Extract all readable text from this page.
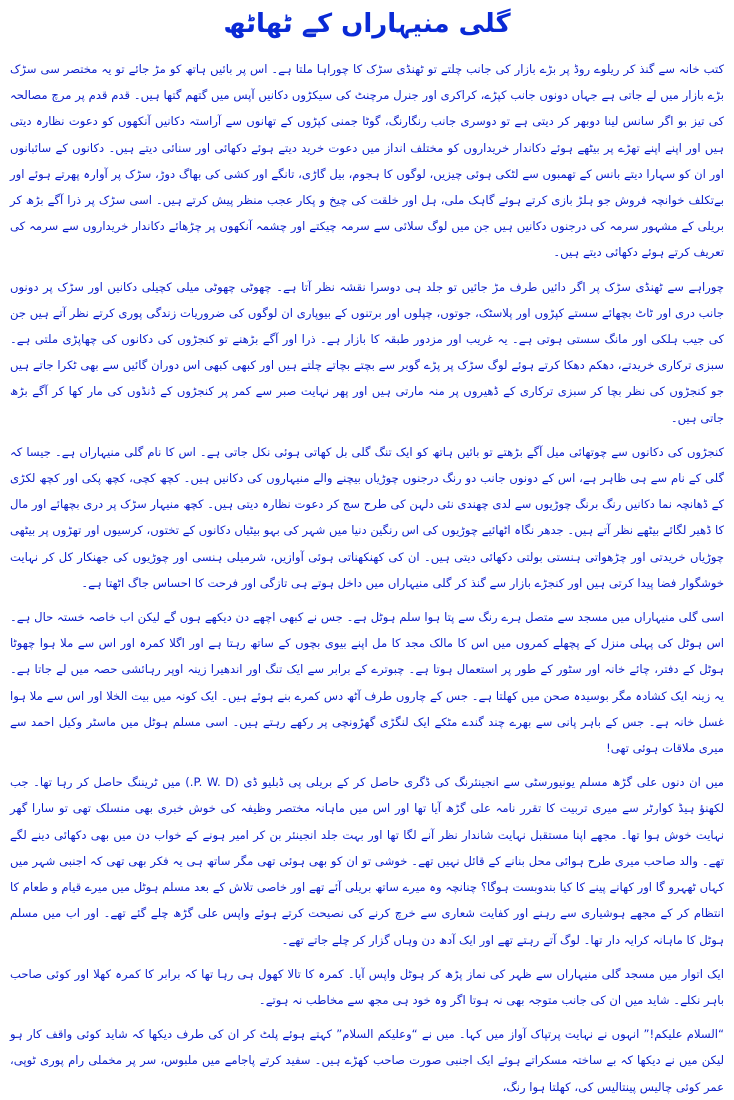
گلی منیہاراں کے ٹھاٹھ

کتب خانہ سے گنذ کر ریلوے روڈ پر بڑے بازار کی جانب چلتے تو ٹھنڈی سڑک کا چوراہا ملتا ہے۔ اس پر بائیں ہاتھ کو مڑ جائے تو یہ مختصر سی سڑک بڑے بازار میں لے جاتی ہے جہاں دونوں جانب کپڑے، کراکری اور جنرل مرچنٹ کی سیکڑوں دکانیں آپس میں گتھم گتھا ہیں۔ قدم قدم پر مرچ مصالحہ کی تیز بو اگر سانس لینا دوبھر کر دیتی ہے تو دوسری جانب رنگارنگ، گوٹا جمنی کپڑوں کے تھانوں سے آراستہ دکانیں آنکھوں کو دعوت نظارہ دیتی ہیں اور اپنے اپنے تھڑے پر بیٹھے ہوئے دکاندار خریداروں کو مختلف انداز میں دعوت خرید دیتے ہوئے دکھائی اور سنائی دیتے ہیں۔ دکانوں کے سائبانوں اور ان کو سہارا دیتے بانس کے تھمبوں سے لٹکی ہوئی چیزیں، لوگوں کا ہجوم، بیل گاڑی، تانگے اور کشی کی بھاگ دوڑ، سڑک پر آوارہ پھرتے ہوئے اور بےتکلف خوانچہ فروش جو ہلڑ بازی کرتے ہوئے گاہک ملی، ہل اور خلقت کی چیخ و پکار عجب منظر پیش کرتے ہیں۔ اسی سڑک پر ذرا آگے بڑھ کر بریلی کے مشہور سرمہ کی درجنوں دکانیں ہیں جن میں لوگ سلائی سے سرمہ چیکتے اور چشمہ آنکھوں پر چڑھائے دکاندار خریداروں سے سرمہ کی تعریف کرتے ہوئے دکھائی دیتے ہیں۔

چوراہے سے ٹھنڈی سڑک پر اگر دائیں طرف مڑ جائیں تو جلد ہی دوسرا نقشہ نظر آتا ہے۔ چھوٹی چھوٹی میلی کچیلی دکانیں اور سڑک پر دونوں جانب دری اور ٹاٹ بچھائے سستے کپڑوں اور پلاسٹک، جوتوں، چپلوں اور برتنوں کے بیوپاری ان لوگوں کی ضروریات زندگی پوری کرتے نظر آتے ہیں جن کی جیب ہلکی اور مانگ سستی ہوتی ہے۔ یہ غریب اور مزدور طبقہ کا بازار ہے۔ ذرا اور آگے بڑھنے تو کنجڑوں کی دکانوں کی چھاپڑی ملتی ہے۔ سبزی ترکاری خریدتے، دھکم دھکا کرتے ہوئے لوگ سڑک پر پڑے گوبر سے بچتے بچاتے چلتے ہیں اور کبھی کبھی اس دوران گائیں سے بھی ٹکرا جاتے ہیں جو کنجڑوں کی نظر بچا کر سبزی ترکاری کے ڈھیروں پر منہ مارتی ہیں اور پھر نہایت صبر سے کمر پر کنجڑوں کے ڈنڈوں کی مار کھا کر آگے بڑھ جاتی ہیں۔

کنجڑوں کی دکانوں سے چوتھائی میل آگے بڑھتے تو بائیں ہاتھ کو ایک تنگ گلی بل کھاتی ہوئی نکل جاتی ہے۔ اس کا نام گلی منیہاراں ہے۔ جیسا کہ گلی کے نام سے ہی ظاہر ہے، اس کے دونوں جانب دو رنگ درجنوں چوڑیاں بیچنے والے منیہاروں کی دکانیں ہیں۔ کچھ کچی، کچھ پکی اور کچھ لکڑی کے ڈھانچہ نما دکانیں رنگ برنگ چوڑیوں سے لدی چھندی نئی دلہن کی طرح سج کر دعوت نظارہ دیتی ہیں۔ کچھ منیہار سڑک پر دری بچھائے اور مال کا ڈھیر لگائے بیٹھے نظر آتے ہیں۔ جدھر نگاہ اٹھائیے چوڑیوں کی اس رنگین دنیا میں شہر کی بہو بیٹیاں دکانوں کے تختوں، کرسیوں اور تھڑوں پر بیٹھی چوڑیاں خریدتی اور چڑھواتی ہنستی بولتی دکھائی دیتی ہیں۔ ان کی کھنکھناتی ہوئی آوازیں، شرمیلی ہنسی اور چوڑیوں کی جھنکار کل کر نہایت خوشگوار فضا پیدا کرتی ہیں اور کنجڑے بازار سے گنذ کر گلی منیہاراں میں داخل ہوتے ہی تازگی اور فرحت کا احساس جاگ اٹھتا ہے۔

اسی گلی منیہاراں میں مسجد سے متصل ہرے رنگ سے پتا ہوا سلم ہوٹل ہے۔ جس نے کبھی اچھے دن دیکھے ہوں گے لیکن اب خاصہ خستہ حال ہے۔ اس ہوٹل کی پہلی منزل کے پچھلے کمروں میں اس کا مالک مجد کا مل اپنے بیوی بچوں کے ساتھ رہتا ہے اور اگلا کمرہ اور اس سے ملا ہوا چھوٹا ہوٹل کے دفتر، چائے خانہ اور سٹور کے طور پر استعمال ہوتا ہے۔ چبوترے کے برابر سے ایک تنگ اور اندھیرا زینہ اوپر رہائشی حصہ میں لے جاتا ہے۔ یہ زینہ ایک کشادہ مگر بوسیدہ صحن میں کھلتا ہے۔ جس کے چاروں طرف آٹھ دس کمرے بنے ہوئے ہیں۔ ایک کونہ میں بیت الخلا اور اس سے ملا ہوا غسل خانہ ہے۔ جس کے باہر پانی سے بھرے چند گندے مٹکے ایک لنگڑی گھڑونچی پر رکھے رہتے ہیں۔ اسی مسلم ہوٹل میں ماسٹر وکیل احمد سے میری ملاقات ہوئی تھی!

میں ان دنوں علی گڑھ مسلم یونیورسٹی سے انجینئرنگ کی ڈگری حاصل کر کے بریلی پی ڈبلیو ڈی (P. W. D.) میں ٹریننگ حاصل کر رہا تھا۔ جب لکھنؤ ہیڈ کوارٹر سے میری تربیت کا تقرر نامہ علی گڑھ آیا تھا اور اس میں ماہانہ مختصر وظیفہ کی خوش خبری بھی منسلک تھی تو سارا گھر نہایت خوش ہوا تھا۔ مجھے اپنا مستقبل نہایت شاندار نظر آنے لگا تھا اور بہت جلد انجینئر بن کر امیر ہونے کے خواب دن میں بھی دکھائی دینے لگے تھے۔ والد صاحب میری طرح ہوائی محل بنانے کے قائل نہیں تھے۔ خوشی تو ان کو بھی ہوئی تھی مگر ساتھ ہی یہ فکر بھی تھی کہ اجنبی شہر میں کہاں ٹھہرو گا اور کھانے پینے کا کیا بندوبست ہوگا؟ چنانچہ وہ میرے ساتھ بریلی آئے تھے اور خاصی تلاش کے بعد مسلم ہوٹل میں میرے قیام و طعام کا انتظام کر کے مجھے ہوشیاری سے رہنے اور کفایت شعاری سے خرچ کرنے کی نصیحت کرتے ہوئے واپس علی گڑھ چلے گئے تھے۔ اور اب میں مسلم ہوٹل کا ماہانہ کرایہ دار تھا۔ لوگ آتے رہتے تھے اور ایک آدھ دن وہاں گزار کر چلے جاتے تھے۔

ایک اتوار میں مسجد گلی منیہاراں سے ظہر کی نماز پڑھ کر ہوٹل واپس آیا۔ کمرہ کا تالا کھول ہی رہا تھا کہ برابر کا کمرہ کھلا اور کوئی صاحب باہر نکلے۔ شاید میں ان کی جانب متوجہ بھی نہ ہوتا اگر وہ خود ہی مجھ سے مخاطب نہ ہوتے۔

“السلام علیکم!” انہوں نے نہایت پرتپاک آواز میں کہا۔ میں نے “وعلیکم السلام” کہتے ہوئے پلٹ کر ان کی طرف دیکھا کہ شاید کوئی واقف کار ہو لیکن میں نے دیکھا کہ بے ساختہ مسکراتے ہوئے ایک اجنبی صورت صاحب کھڑے ہیں۔ سفید کرتے پاجامے میں ملبوس، سر پر مخملی رام پوری ٹوپی، عمر کوئی چالیس پینتالیس کی، کھلتا ہوا رنگ،
